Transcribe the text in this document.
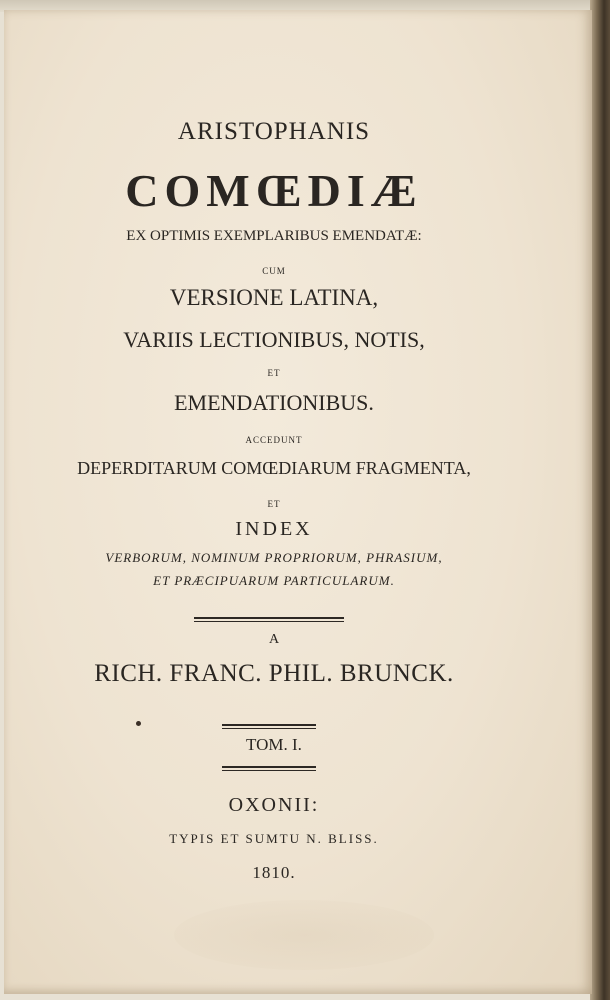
ARISTOPHANIS
COMŒDIÆ
EX OPTIMIS EXEMPLARIBUS EMENDATÆ:
CUM
VERSIONE LATINA,
VARIIS LECTIONIBUS, NOTIS,
ET
EMENDATIONIBUS.
ACCEDUNT
DEPERDITARUM COMŒDIARUM FRAGMENTA,
ET
INDEX
VERBORUM, NOMINUM PROPRIORUM, PHRASIUM,
ET PRÆCIPUARUM PARTICULARUM.
A
RICH. FRANC. PHIL. BRUNCK.
TOM. I.
OXONII:
TYPIS ET SUMTU N. BLISS.
1810.
